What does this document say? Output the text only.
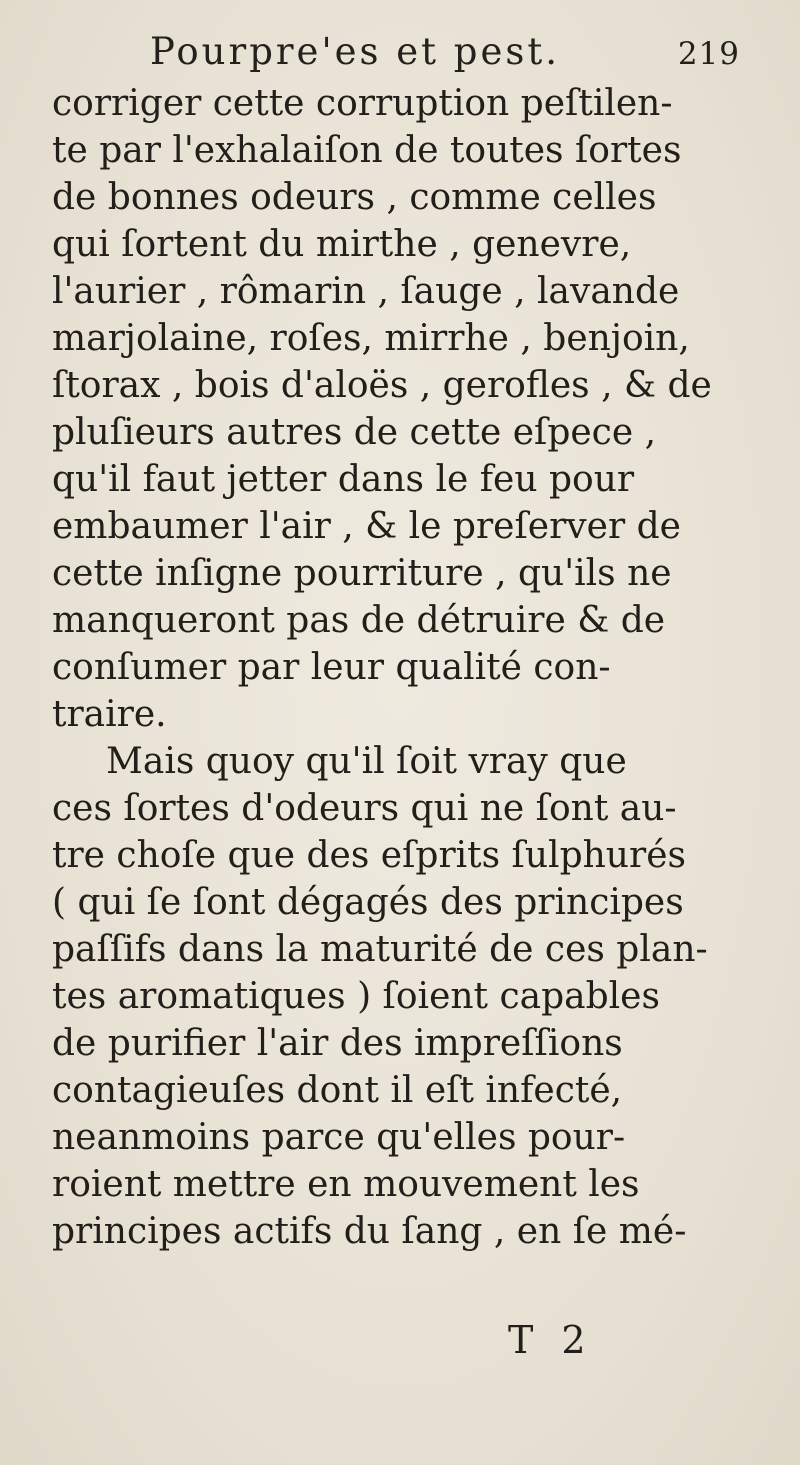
Pourpre'es et pest.	219
corriger cette corruption peſtilen-
te par l'exhalaiſon de toutes ſortes
de bonnes odeurs , comme celles
qui ſortent du mirthe , genevre,
l'aurier , rômarin , ſauge , lavande
marjolaine, roſes, mirrhe , benjoin,
ſtorax , bois d'aloës , gerofles , & de
pluſieurs autres de cette eſpece ,
qu'il faut jetter dans le feu pour
embaumer l'air , & le preſerver de
cette inſigne pourriture , qu'ils ne
manqueront pas de détruire & de
conſumer par leur qualité con-
traire.
Mais quoy qu'il ſoit vray que
ces ſortes d'odeurs qui ne ſont au-
tre choſe que des eſprits ſulphurés
( qui ſe ſont dégagés des principes
paſſifs dans la maturité de ces plan-
tes aromatiques ) ſoient capables
de purifier l'air des impreſſions
contagieuſes dont il eſt infecté,
neanmoins parce qu'elles pour-
roient mettre en mouvement les
principes actifs du ſang , en ſe mé-
T 2
